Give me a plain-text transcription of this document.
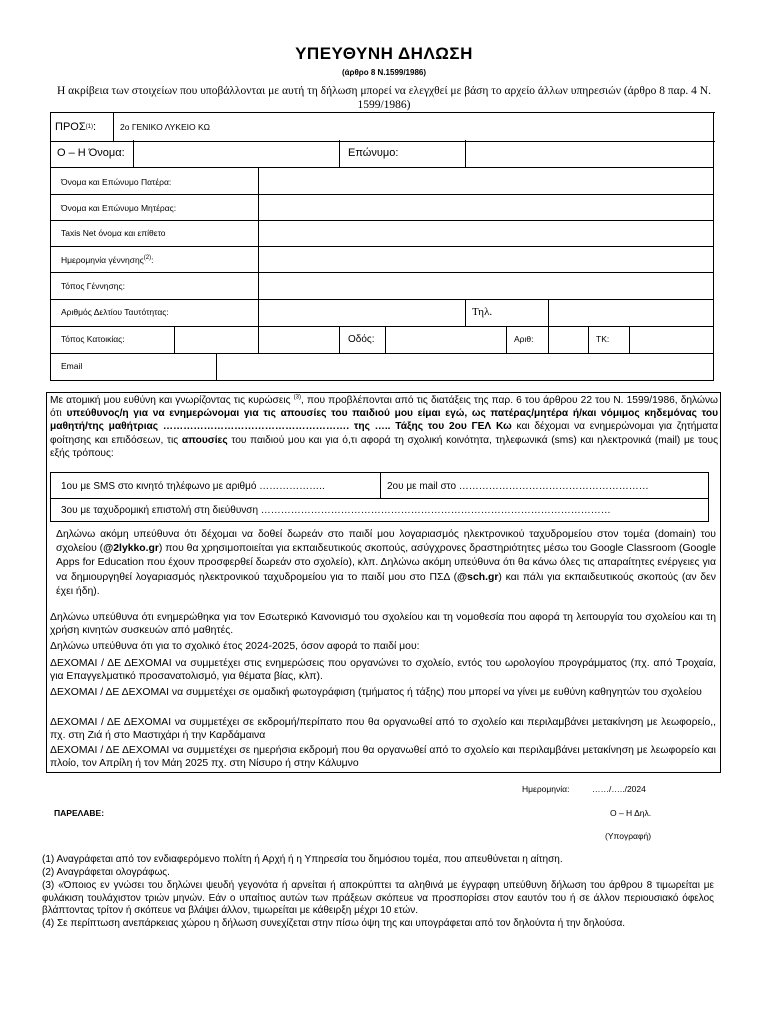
ΥΠΕΥΘΥΝΗ ΔΗΛΩΣΗ
(άρθρο 8 Ν.1599/1986)
Η ακρίβεια των στοιχείων που υποβάλλονται με αυτή τη δήλωση μπορεί να ελεγχθεί με βάση το αρχείο άλλων υπηρεσιών (άρθρο 8 παρ. 4 Ν. 1599/1986)
ΠΡΟΣ (1) :	2ο ΓΕΝΙΚΟ ΛΥΚΕΙΟ ΚΩ
Ο – Η Όνομα:	Επώνυμο:
Όνομα και Επώνυμο Πατέρα:
Όνομα και Επώνυμο Μητέρας:
Taxis Net όνομα και επίθετο
Ημερομηνία γέννησης$^{(2)}$:
Τόπος Γέννησης:
Αριθμός Δελτίου Ταυτότητας:	Τηλ.
Τόπος Κατοικίας:	Οδός:	Αριθ:	ΤΚ:
Email
Με ατομική μου ευθύνη και γνωρίζοντας τις κυρώσεις $^{(3)}$, που προβλέπονται από τις διατάξεις της παρ. 6 του άρθρου 22 του Ν. 1599/1986, δηλώνω ότι υπεύθυνος/η για να ενημερώνομαι για τις απουσίες του παιδιού μου είμαι εγώ, ως πατέρας/μητέρα ή/και νόμιμος κηδεμόνας του μαθητή/της μαθήτριας ………………………………………………. της ….. Τάξης του 2ου ΓΕΛ Κω και δέχομαι να ενημερώνομαι για ζητήματα φοίτησης και επιδόσεων, τις απουσίες του παιδιού μου και για ό,τι αφορά τη σχολική κοινότητα, τηλεφωνικά (sms) και ηλεκτρονικά (mail) με τους εξής τρόπους:
1ου με SMS στο κινητό τηλέφωνο με αριθμό ………………..	2ου με mail στο …………………………………………………
3ου με ταχυδρομική επιστολή στη διεύθυνση ……………………………………………………………………………………………
Δηλώνω ακόμη υπεύθυνα ότι δέχομαι να δοθεί δωρεάν στο παιδί μου λογαριασμός ηλεκτρονικού ταχυδρομείου στον τομέα (domain) του σχολείου (@2lykko.gr) που θα χρησιμοποιείται για εκπαιδευτικούς σκοπούς, ασύγχρονες δραστηριότητες μέσω του Google Classroom (Google Apps for Education που έχουν προσφερθεί δωρεάν στο σχολείο), κλπ. Δηλώνω ακόμη υπεύθυνα ότι θα κάνω όλες τις απαραίτητες ενέργειες για να δημιουργηθεί λογαριασμός ηλεκτρονικού ταχυδρομείου για το παιδί μου στο ΠΣΔ (@sch.gr) και πάλι για εκπαιδευτικούς σκοπούς (αν δεν έχει ήδη).
Δηλώνω υπεύθυνα ότι ενημερώθηκα για τον Εσωτερικό Κανονισμό του σχολείου και τη νομοθεσία που αφορά τη λειτουργία του σχολείου και τη χρήση κινητών συσκευών από μαθητές.
Δηλώνω υπεύθυνα ότι για το σχολικό έτος 2024-2025, όσον αφορά το παιδί μου:
ΔΕΧΟΜΑΙ / ΔΕ ΔΕΧΟΜΑΙ να συμμετέχει στις ενημερώσεις που οργανώνει το σχολείο, εντός του ωρολογίου προγράμματος (πχ. από Τροχαία, για Επαγγελματικό προσανατολισμό, για θέματα βίας, κλπ).
ΔΕΧΟΜΑΙ / ΔΕ ΔΕΧΟΜΑΙ να συμμετέχει σε ομαδική φωτογράφιση (τμήματος ή τάξης) που μπορεί να γίνει με ευθύνη καθηγητών του σχολείου
ΔΕΧΟΜΑΙ / ΔΕ ΔΕΧΟΜΑΙ να συμμετέχει σε εκδρομή/περίπατο που θα οργανωθεί από το σχολείο και περιλαμβάνει μετακίνηση με λεωφορείο,, πχ. στη Ζιά ή στο Μαστιχάρι ή την Καρδάμαινα
ΔΕΧΟΜΑΙ / ΔΕ ΔΕΧΟΜΑΙ να συμμετέχει σε ημερήσια εκδρομή που θα οργανωθεί από το σχολείο και περιλαμβάνει μετακίνηση με λεωφορείο και πλοίο, τον Απρίλη ή τον Μάη 2025 πχ. στη Νίσυρο ή στην Κάλυμνο
Ημερομηνία:	……/…../2024
ΠΑΡΕΛΑΒΕ:	Ο – Η Δηλ.
(Υπογραφή)
(1) Αναγράφεται από τον ενδιαφερόμενο πολίτη ή Αρχή ή η Υπηρεσία του δημόσιου τομέα, που απευθύνεται η αίτηση.
(2) Αναγράφεται ολογράφως.
(3) «Όποιος εν γνώσει του δηλώνει ψευδή γεγονότα ή αρνείται ή αποκρύπτει τα αληθινά με έγγραφη υπεύθυνη δήλωση του άρθρου 8 τιμωρείται με φυλάκιση τουλάχιστον τριών μηνών. Εάν ο υπαίτιος αυτών των πράξεων σκόπευε να προσπορίσει στον εαυτόν του ή σε άλλον περιουσιακό όφελος βλάπτοντας τρίτον ή σκόπευε να βλάψει άλλον, τιμωρείται με κάθειρξη μέχρι 10 ετών.
(4) Σε περίπτωση ανεπάρκειας χώρου η δήλωση συνεχίζεται στην πίσω όψη της και υπογράφεται από τον δηλούντα ή την δηλούσα.
